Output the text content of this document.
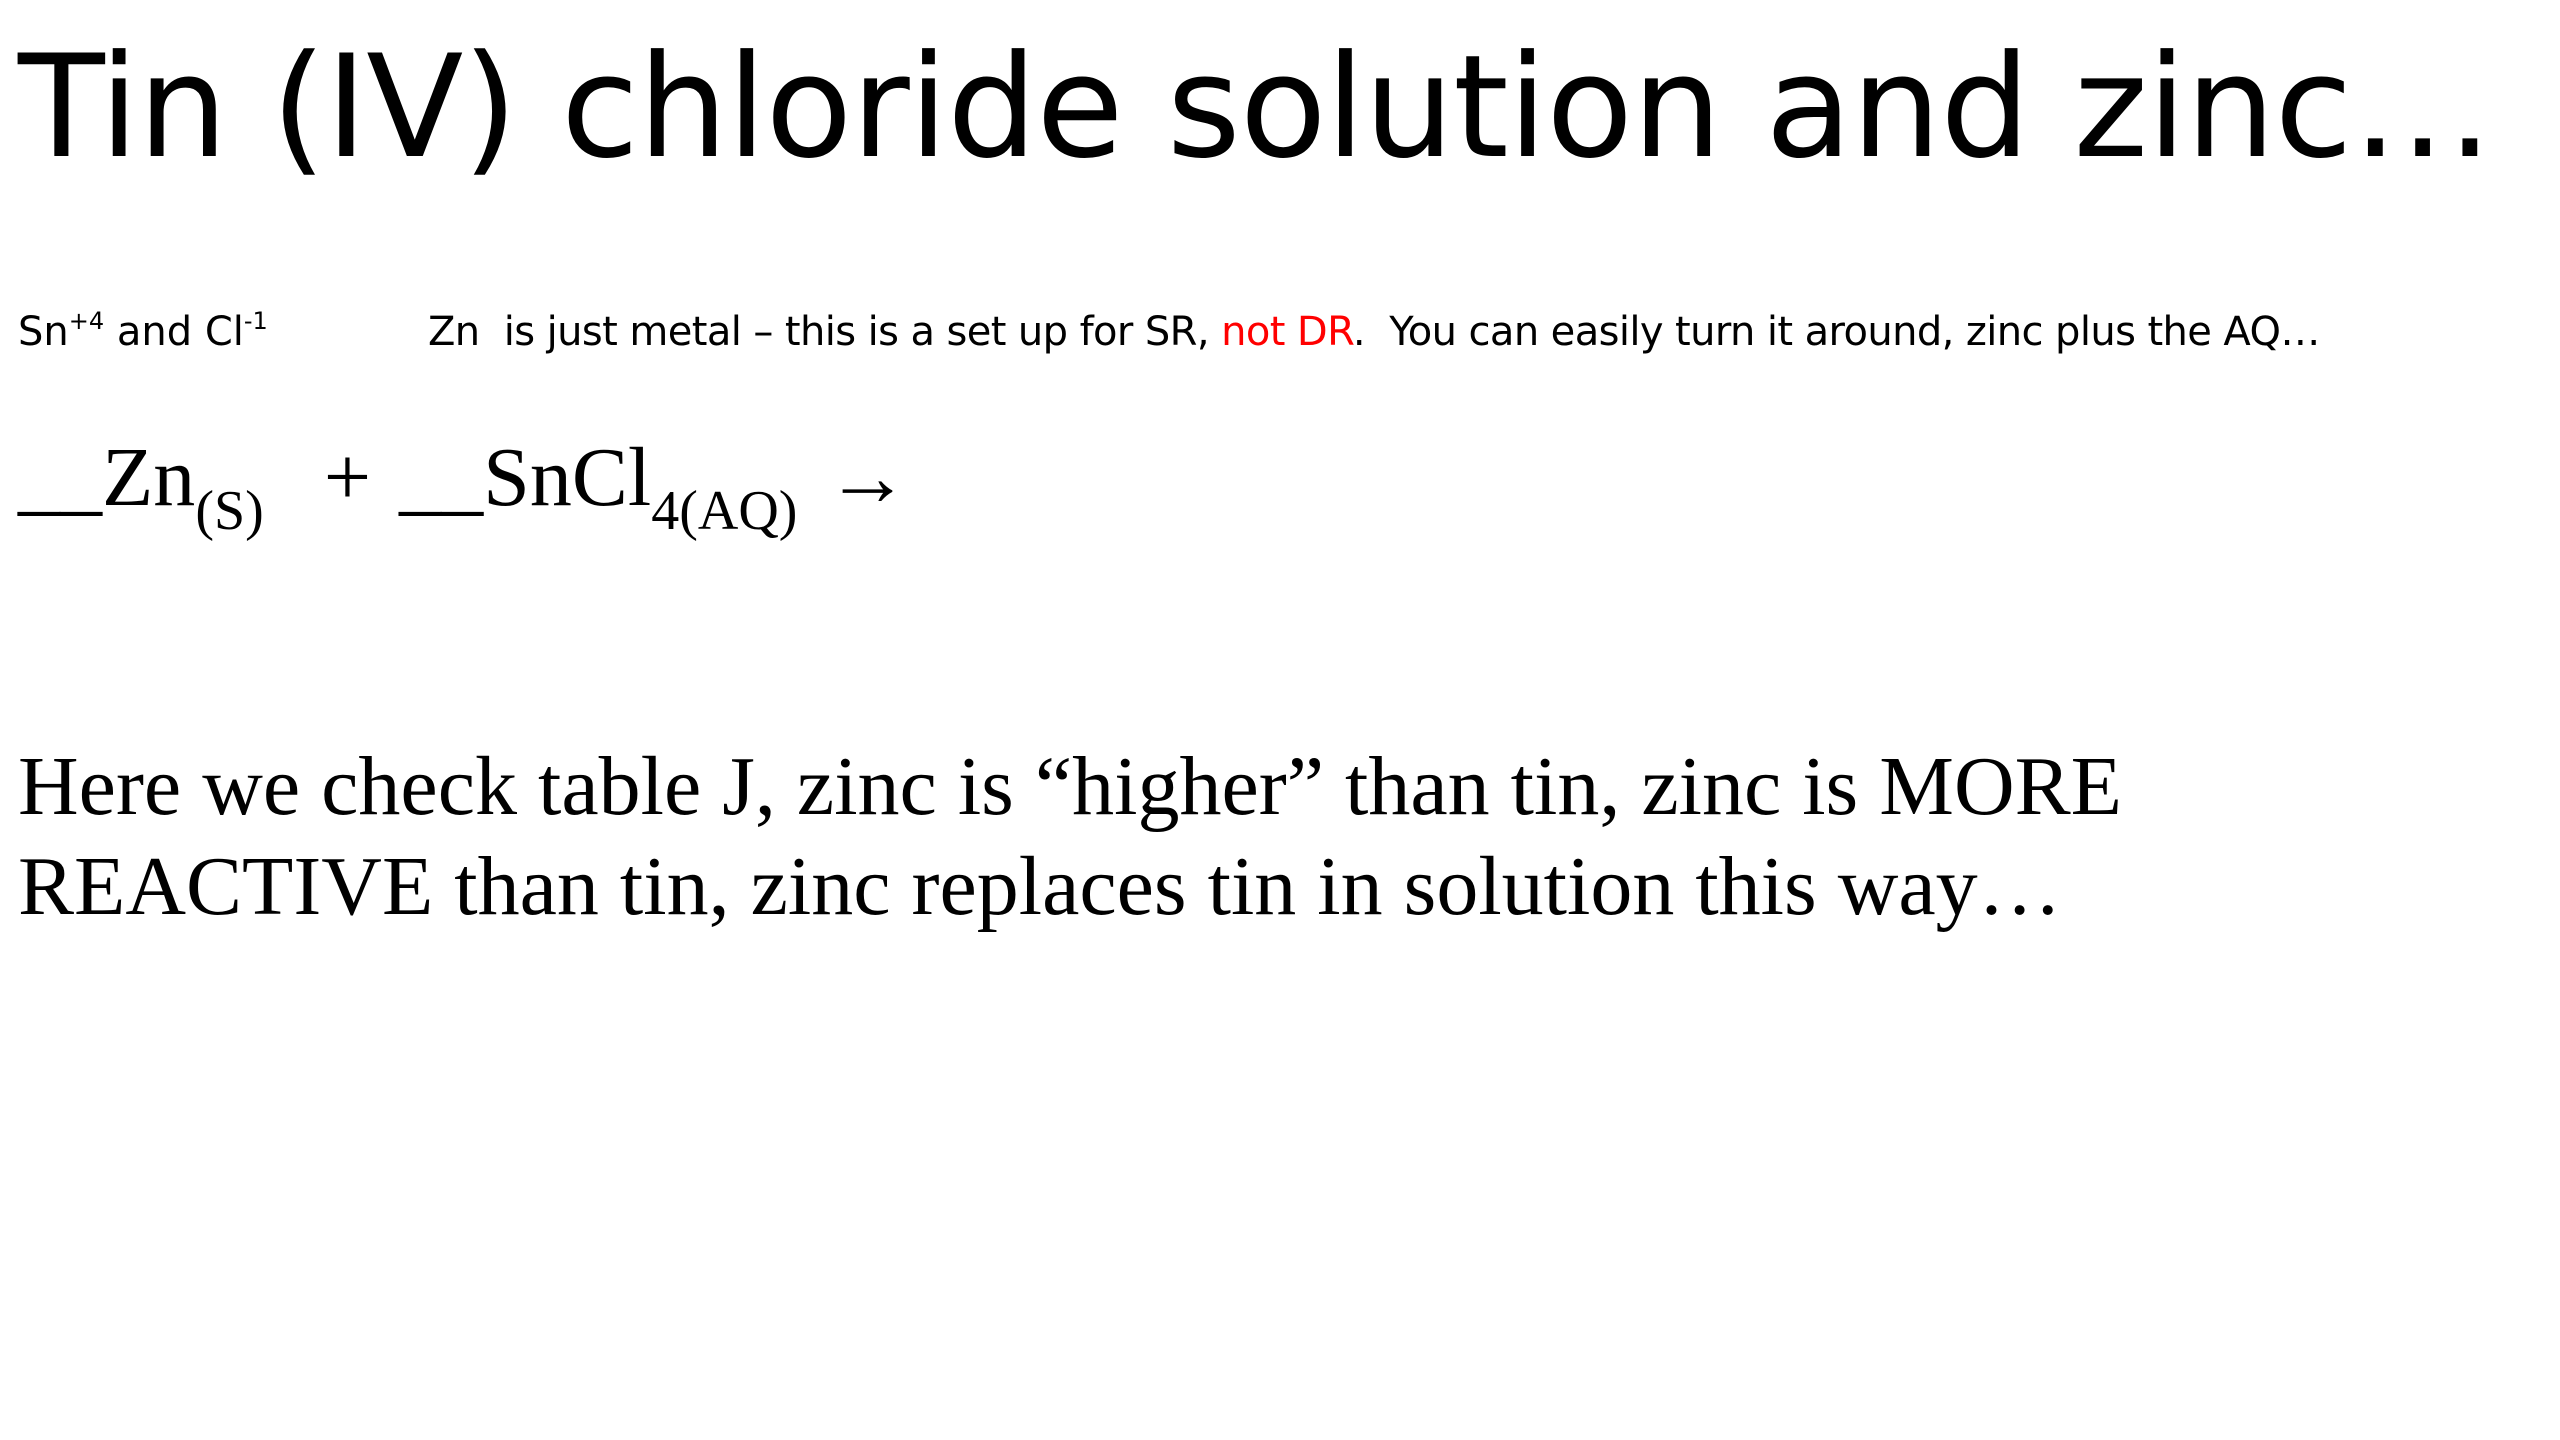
Tin (IV) chloride solution and zinc…
$Sn^{+4}$ and $Cl^{-1}$	Zn  is just metal – this is a set up for SR, not DR.  You can easily turn it around, zinc plus the AQ…
$\_\_Zn_{(S)}$ + __SnCl$_{4(AQ)}$ →

Here we check table J, zinc is “higher” than tin, zinc is MORE REACTIVE than tin, zinc replaces tin in solution this way…
